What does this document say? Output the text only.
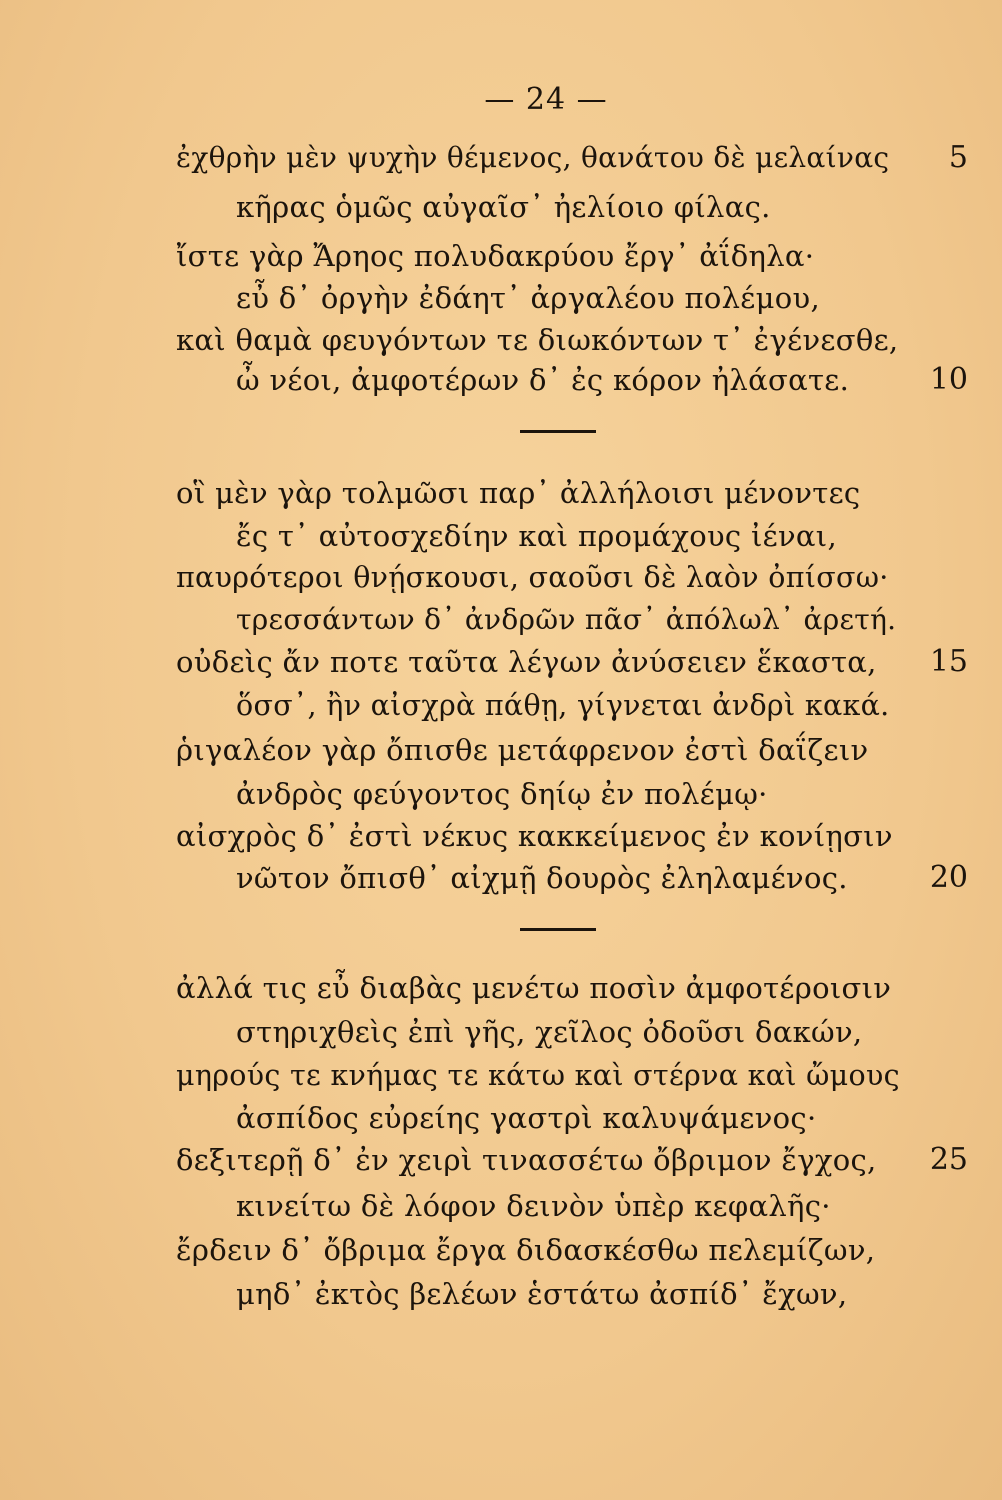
— 24 —
ἐχθρὴν μὲν ψυχὴν θέμενος, θανάτου δὲ μελαίνας	5
κῆρας ὁμῶς αὐγαῖσ᾽ ἠελίοιο φίλας.
ἴστε γὰρ Ἄρηος πολυδακρύου ἔργ᾽ ἀΐδηλα·
εὖ δ᾽ ὀργὴν ἐδάητ᾽ ἀργαλέου πολέμου,
καὶ θαμὰ φευγόντων τε διωκόντων τ᾽ ἐγένεσθε,
ὦ νέοι, ἀμφοτέρων δ᾽ ἐς κόρον ἠλάσατε.	10
οἳ μὲν γὰρ τολμῶσι παρ᾽ ἀλλήλοισι μένοντες
ἔς τ᾽ αὐτοσχεδίην καὶ προμάχους ἰέναι,
παυρότεροι θνῄσκουσι, σαοῦσι δὲ λαὸν ὀπίσσω·
τρεσσάντων δ᾽ ἀνδρῶν πᾶσ᾽ ἀπόλωλ᾽ ἀρετή.
οὐδεὶς ἄν ποτε ταῦτα λέγων ἀνύσειεν ἕκαστα,	15
ὅσσ᾽, ἢν αἰσχρὰ πάθῃ, γίγνεται ἀνδρὶ κακά.
ῥιγαλέον γὰρ ὄπισθε μετάφρενον ἐστὶ δαΐζειν
ἀνδρὸς φεύγοντος δηίῳ ἐν πολέμῳ·
αἰσχρὸς δ᾽ ἐστὶ νέκυς κακκείμενος ἐν κονίῃσιν
νῶτον ὄπισθ᾽ αἰχμῇ δουρὸς ἐληλαμένος.	20
ἀλλά τις εὖ διαβὰς μενέτω ποσὶν ἀμφοτέροισιν
στηριχθεὶς ἐπὶ γῆς, χεῖλος ὀδοῦσι δακών,
μηρούς τε κνήμας τε κάτω καὶ στέρνα καὶ ὤμους
ἀσπίδος εὐρείης γαστρὶ καλυψάμενος·
δεξιτερῇ δ᾽ ἐν χειρὶ τινασσέτω ὄβριμον ἔγχος,	25
κινείτω δὲ λόφον δεινὸν ὑπὲρ κεφαλῆς·
ἔρδειν δ᾽ ὄβριμα ἔργα διδασκέσθω πελεμίζων,
μηδ᾽ ἐκτὸς βελέων ἑστάτω ἀσπίδ᾽ ἔχων,
